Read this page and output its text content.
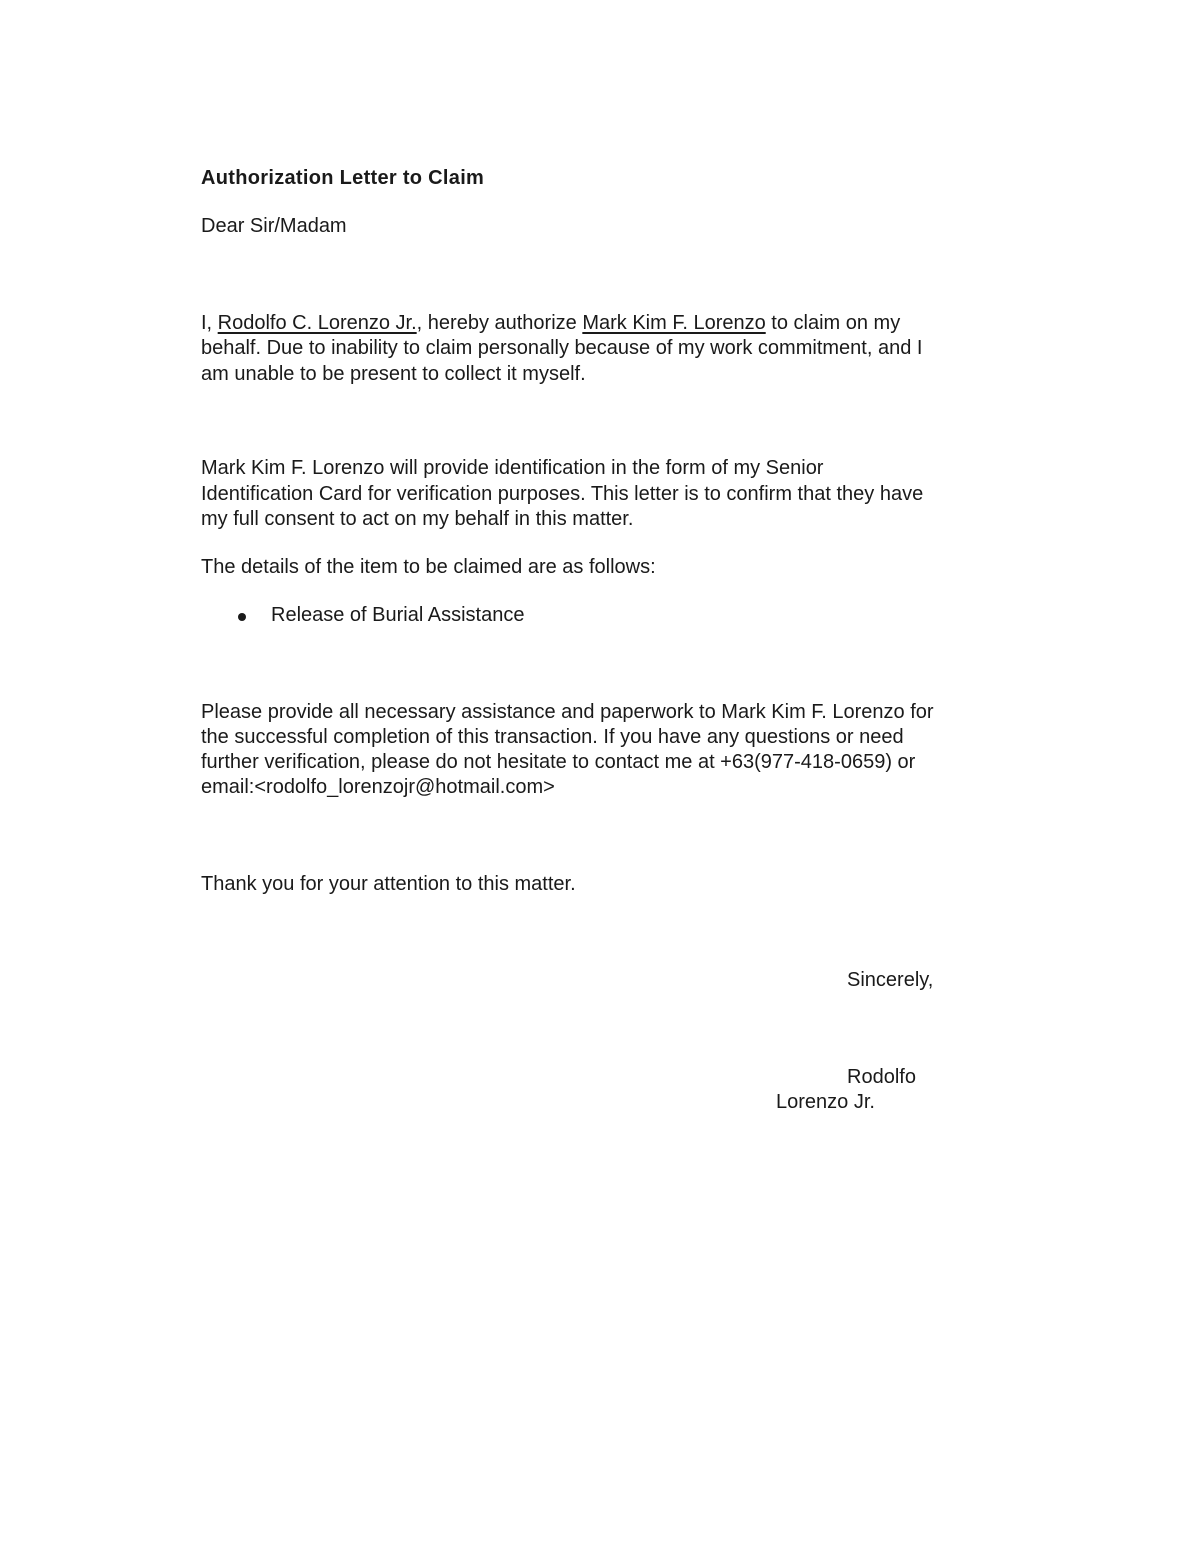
Authorization Letter to Claim

Dear Sir/Madam

I, Rodolfo C. Lorenzo Jr., hereby authorize Mark Kim F. Lorenzo to claim on my

behalf. Due to inability to claim personally because of my work commitment, and I

am unable to be present to collect it myself.

Mark Kim F. Lorenzo will provide identification in the form of my Senior

Identification Card for verification purposes. This letter is to confirm that they have

my full consent to act on my behalf in this matter.

The details of the item to be claimed are as follows:

Release of Burial Assistance

Please provide all necessary assistance and paperwork to Mark Kim F. Lorenzo for

the successful completion of this transaction. If you have any questions or need

further verification, please do not hesitate to contact me at +63(977-418-0659) or

email:<rodolfo_lorenzojr@hotmail.com>

Thank you for your attention to this matter.

Sincerely,

Rodolfo

Lorenzo Jr.
